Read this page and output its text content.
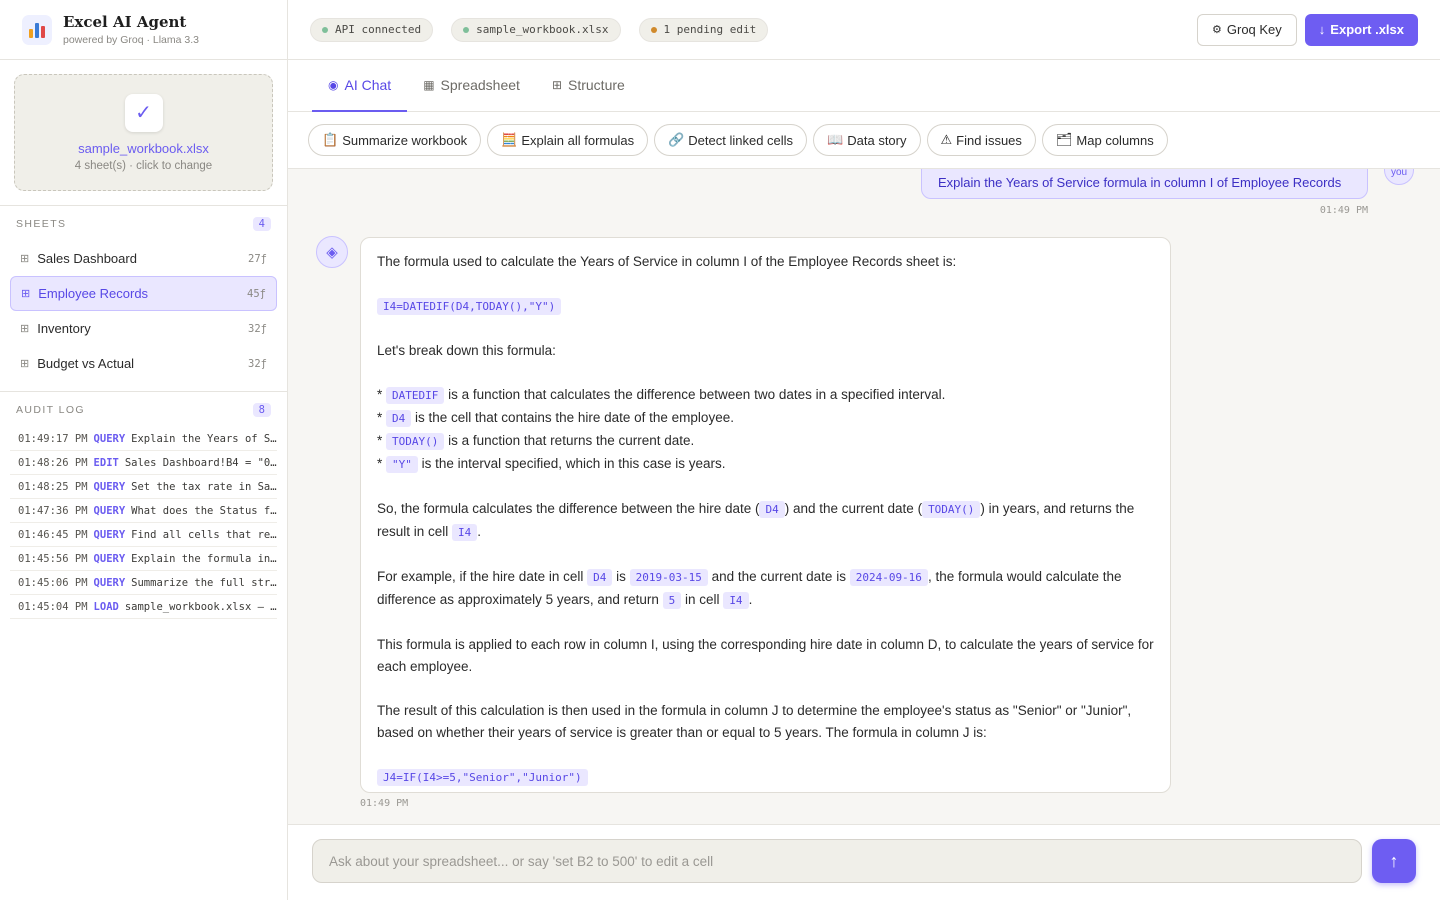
Excel AI Agent
powered by Groq · Llama 3.3
✓
sample_workbook.xlsx
4 sheet(s) · click to change
SHEETS	4
⊞ Sales Dashboard	27ƒ
⊞ Employee Records	45ƒ
⊞ Inventory	32ƒ
⊞ Budget vs Actual	32ƒ
AUDIT LOG	8
01:49:17 PM QUERY Explain the Years of S…
01:48:26 PM EDIT Sales Dashboard!B4 = "0…
01:48:25 PM QUERY Set the tax rate in Sa…
01:47:36 PM QUERY What does the Status f…
01:46:45 PM QUERY Find all cells that re…
01:45:56 PM QUERY Explain the formula in…
01:45:06 PM QUERY Summarize the full str…
01:45:04 PM LOAD sample_workbook.xlsx — …
API connected	sample_workbook.xlsx	1 pending edit	⚙ Groq Key	↓ Export .xlsx
◉ AI Chat	▦ Spreadsheet	⊞ Structure
📋 Summarize workbook	🧮 Explain all formulas	🔗 Detect linked cells	📖 Data story	⚠ Find issues	🗂 Map columns
Explain the Years of Service formula in column I of Employee Records
you
01:49 PM
◈

The formula used to calculate the Years of Service in column I of the Employee Records sheet is:

I4=DATEDIF(D4,TODAY(),"Y")

Let's break down this formula:

* DATEDIF is a function that calculates the difference between two dates in a specified interval.

* D4 is the cell that contains the hire date of the employee.

* TODAY() is a function that returns the current date.

* "Y" is the interval specified, which in this case is years.

So, the formula calculates the difference between the hire date ( D4 ) and the current date ( TODAY() ) in years, and returns the result in cell I4 .

For example, if the hire date in cell D4 is 2019-03-15 and the current date is 2024-09-16 , the formula would calculate the difference as approximately 5 years, and return 5 in cell I4 .

This formula is applied to each row in column I, using the corresponding hire date in column D, to calculate the years of service for each employee.

The result of this calculation is then used in the formula in column J to determine the employee's status as "Senior" or "Junior", based on whether their years of service is greater than or equal to 5 years. The formula in column J is:

J4=IF(I4>=5,"Senior","Junior")

01:49 PM
Ask about your spreadsheet... or say 'set B2 to 500' to edit a cell
↑
